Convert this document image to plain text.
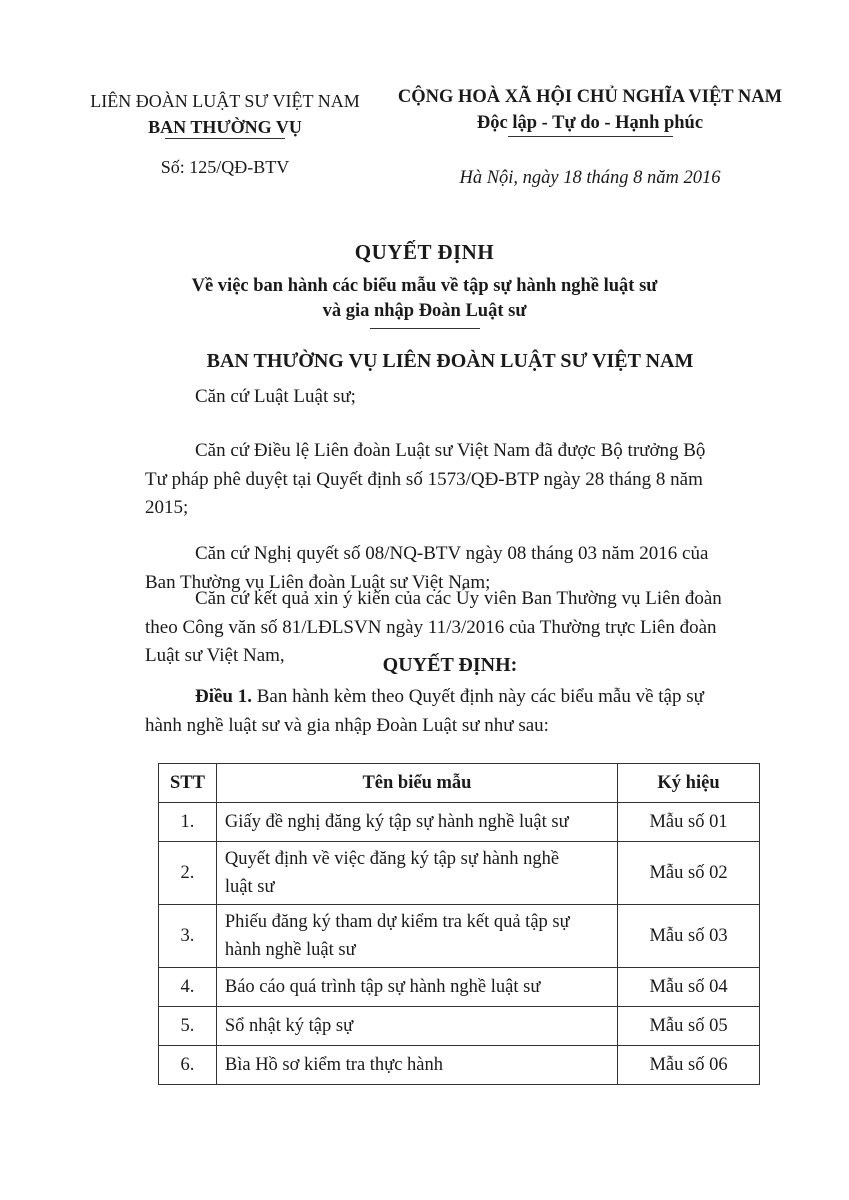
LIÊN ĐOÀN LUẬT SƯ VIỆT NAM
BAN THƯỜNG VỤ
Số: 125/QĐ-BTV
CỘNG HOÀ XÃ HỘI CHỦ NGHĨA VIỆT NAM
Độc lập - Tự do - Hạnh phúc
Hà Nội, ngày 18 tháng 8 năm 2016
QUYẾT ĐỊNH
Về việc ban hành các biểu mẫu về tập sự hành nghề luật sư
và gia nhập Đoàn Luật sư
BAN THƯỜNG VỤ LIÊN ĐOÀN LUẬT SƯ VIỆT NAM
Căn cứ Luật Luật sư;
Căn cứ Điều lệ Liên đoàn Luật sư Việt Nam đã được Bộ trưởng Bộ
Tư pháp phê duyệt tại Quyết định số 1573/QĐ-BTP ngày 28 tháng 8 năm
2015;
Căn cứ Nghị quyết số 08/NQ-BTV ngày 08 tháng 03 năm 2016 của
Ban Thường vụ Liên đoàn Luật sư Việt Nam;
Căn cứ kết quả xin ý kiến của các Ủy viên Ban Thường vụ Liên đoàn
theo Công văn số 81/LĐLSVN ngày 11/3/2016 của Thường trực Liên đoàn
Luật sư Việt Nam,	QUYẾT ĐỊNH:
Điều 1. Ban hành kèm theo Quyết định này các biểu mẫu về tập sự
hành nghề luật sư và gia nhập Đoàn Luật sư như sau:
STT	Tên biểu mẫu	Ký hiệu
1.	Giấy đề nghị đăng ký tập sự hành nghề luật sư	Mẫu số 01
2.	Quyết định về việc đăng ký tập sự hành nghề
luật sư	Mẫu số 02
3.	Phiếu đăng ký tham dự kiểm tra kết quả tập sự
hành nghề luật sư	Mẫu số 03
4.	Báo cáo quá trình tập sự hành nghề luật sư	Mẫu số 04
5.	Sổ nhật ký tập sự	Mẫu số 05
6.	Bìa Hồ sơ kiểm tra thực hành	Mẫu số 06
